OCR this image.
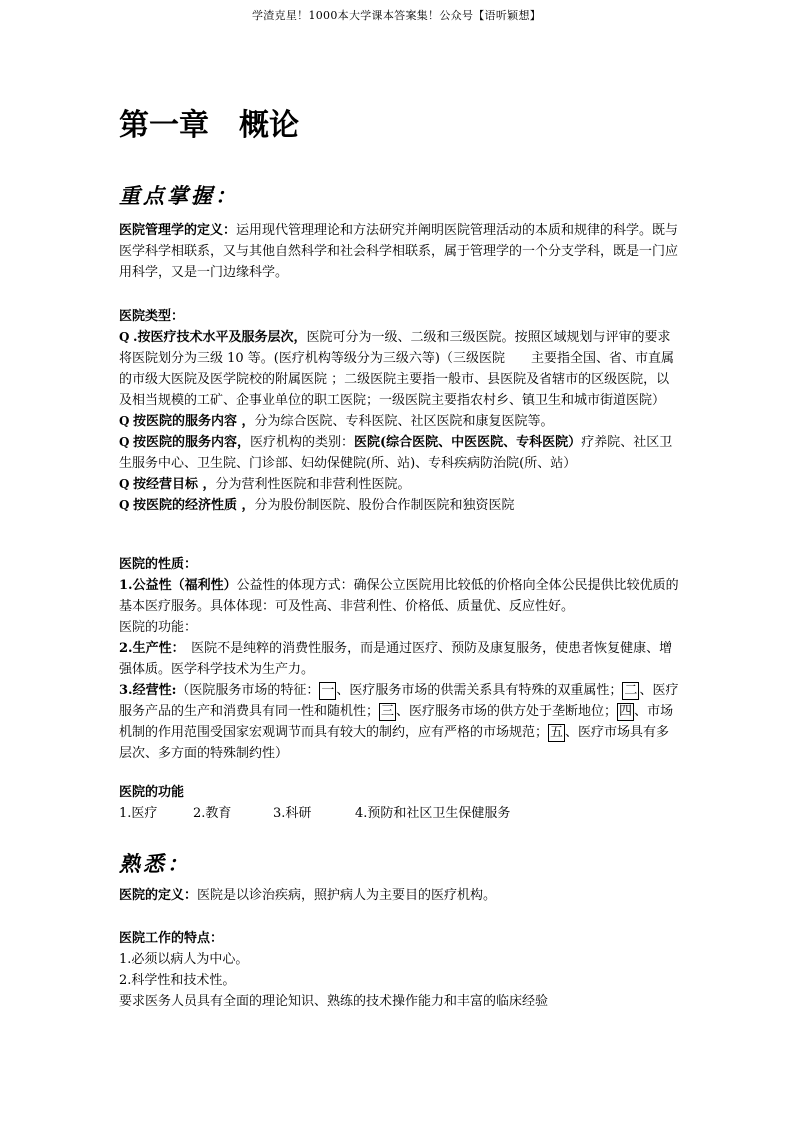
学渣克星！1000本大学课本答案集！公众号【语听颖想】
第一章 概论
重点掌握：
医院管理学的定义：运用现代管理理论和方法研究并阐明医院管理活动的本质和规律的科学。既与医学科学相联系，又与其他自然科学和社会科学相联系，属于管理学的一个分支学科，既是一门应用科学，又是一门边缘科学。
医院类型：
Q .按医疗技术水平及服务层次，医院可分为一级、二级和三级医院。按照区域规划与评审的要求将医院划分为三级 10 等。(医疗机构等级分为三级六等)（三级医院　　主要指全国、省、市直属的市级大医院及医学院校的附属医院 ；二级医院主要指一般市、县医院及省辖市的区级医院，以及相当规模的工矿、企事业单位的职工医院；一级医院主要指农村乡、镇卫生和城市街道医院）
Q 按医院的服务内容 ，分为综合医院、专科医院、社区医院和康复医院等。
Q 按医院的服务内容，医疗机构的类别：医院(综合医院、中医医院、专科医院）疗养院、社区卫生服务中心、卫生院、门诊部、妇幼保健院(所、站)、专科疾病防治院(所、站）
Q 按经营目标 ，分为营利性医院和非营利性医院。
Q 按医院的经济性质 ，分为股份制医院、股份合作制医院和独资医院
医院的性质：
1.公益性（福利性）公益性的体现方式：确保公立医院用比较低的价格向全体公民提供比较优质的基本医疗服务。具体体现：可及性高、非营利性、价格低、质量优、反应性好。
医院的功能：
2.生产性：　医院不是纯粹的消费性服务，而是通过医疗、预防及康复服务，使患者恢复健康、增强体质。医学科学技术为生产力。
3.经营性:（医院服务市场的特征： 一 、医疗服务市场的供需关系具有特殊的双重属性； 二 、医疗服务产品的生产和消费具有同一性和随机性； 三 、医疗服务市场的供方处于垄断地位； 四 、市场机制的作用范围受国家宏观调节而具有较大的制约，应有严格的市场规范； 五 、医疗市场具有多层次、多方面的特殊制约性）
医院的功能
1.医疗	2.教育	3.科研	4.预防和社区卫生保健服务
熟悉：
医院的定义：医院是以诊治疾病，照护病人为主要目的医疗机构。
医院工作的特点：
1.必须以病人为中心。
2.科学性和技术性。
要求医务人员具有全面的理论知识、熟练的技术操作能力和丰富的临床经验
